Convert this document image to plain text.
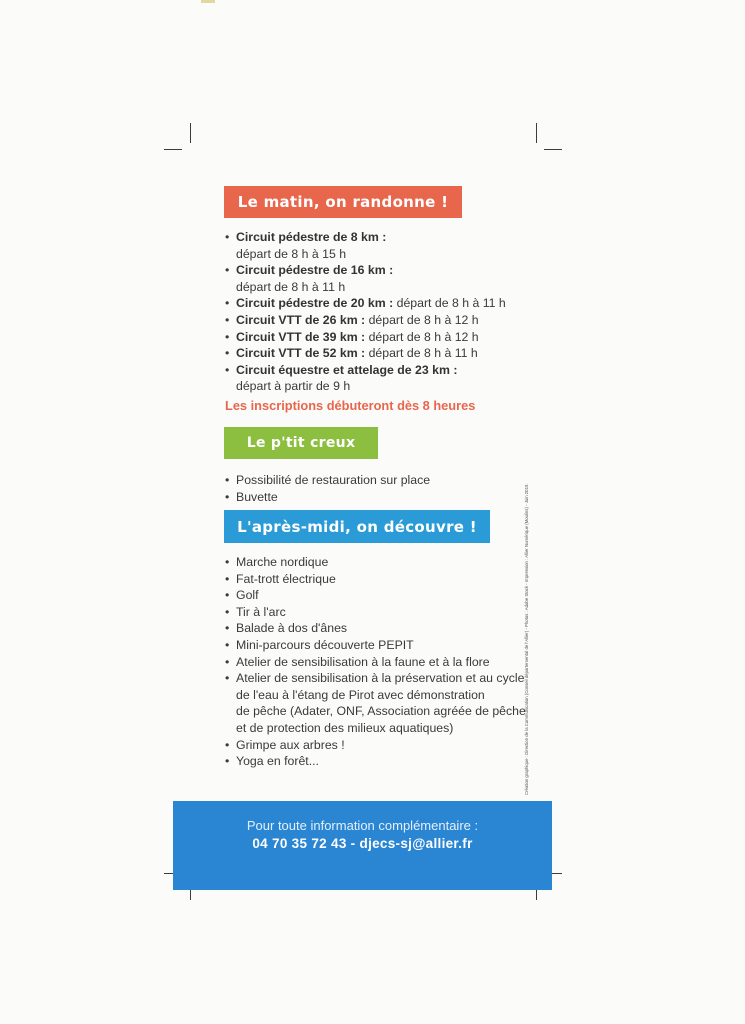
Le matin, on randonne !
• Circuit pédestre de 8 km :
départ de 8 h à 15 h
• Circuit pédestre de 16 km :
départ de 8 h à 11 h
• Circuit pédestre de 20 km : départ de 8 h à 11 h
• Circuit VTT de 26 km : départ de 8 h à 12 h
• Circuit VTT de 39 km : départ de 8 h à 12 h
• Circuit VTT de 52 km : départ de 8 h à 11 h
• Circuit équestre et attelage de 23 km :
départ à partir de 9 h
Les inscriptions débuteront dès 8 heures
Le p'tit creux
• Possibilité de restauration sur place
• Buvette
L'après-midi, on découvre !
• Marche nordique
• Fat-trott électrique
• Golf
• Tir à l'arc
• Balade à dos d'ânes
• Mini-parcours découverte PEPIT
• Atelier de sensibilisation à la faune et à la flore
• Atelier de sensibilisation à la préservation et au cycle
de l'eau à l'étang de Pirot avec démonstration
de pêche (Adater, ONF, Association agréée de pêche
et de protection des milieux aquatiques)
• Grimpe aux arbres !
• Yoga en forêt...	Création graphique : Direction de la Communication (Conseil départemental de l'Allier) - Photos : Adobe Stock - Impression : Allier Numérique (Moulins) - Juin 2019.
Pour toute information complémentaire :
04 70 35 72 43 - djecs-sj@allier.fr
